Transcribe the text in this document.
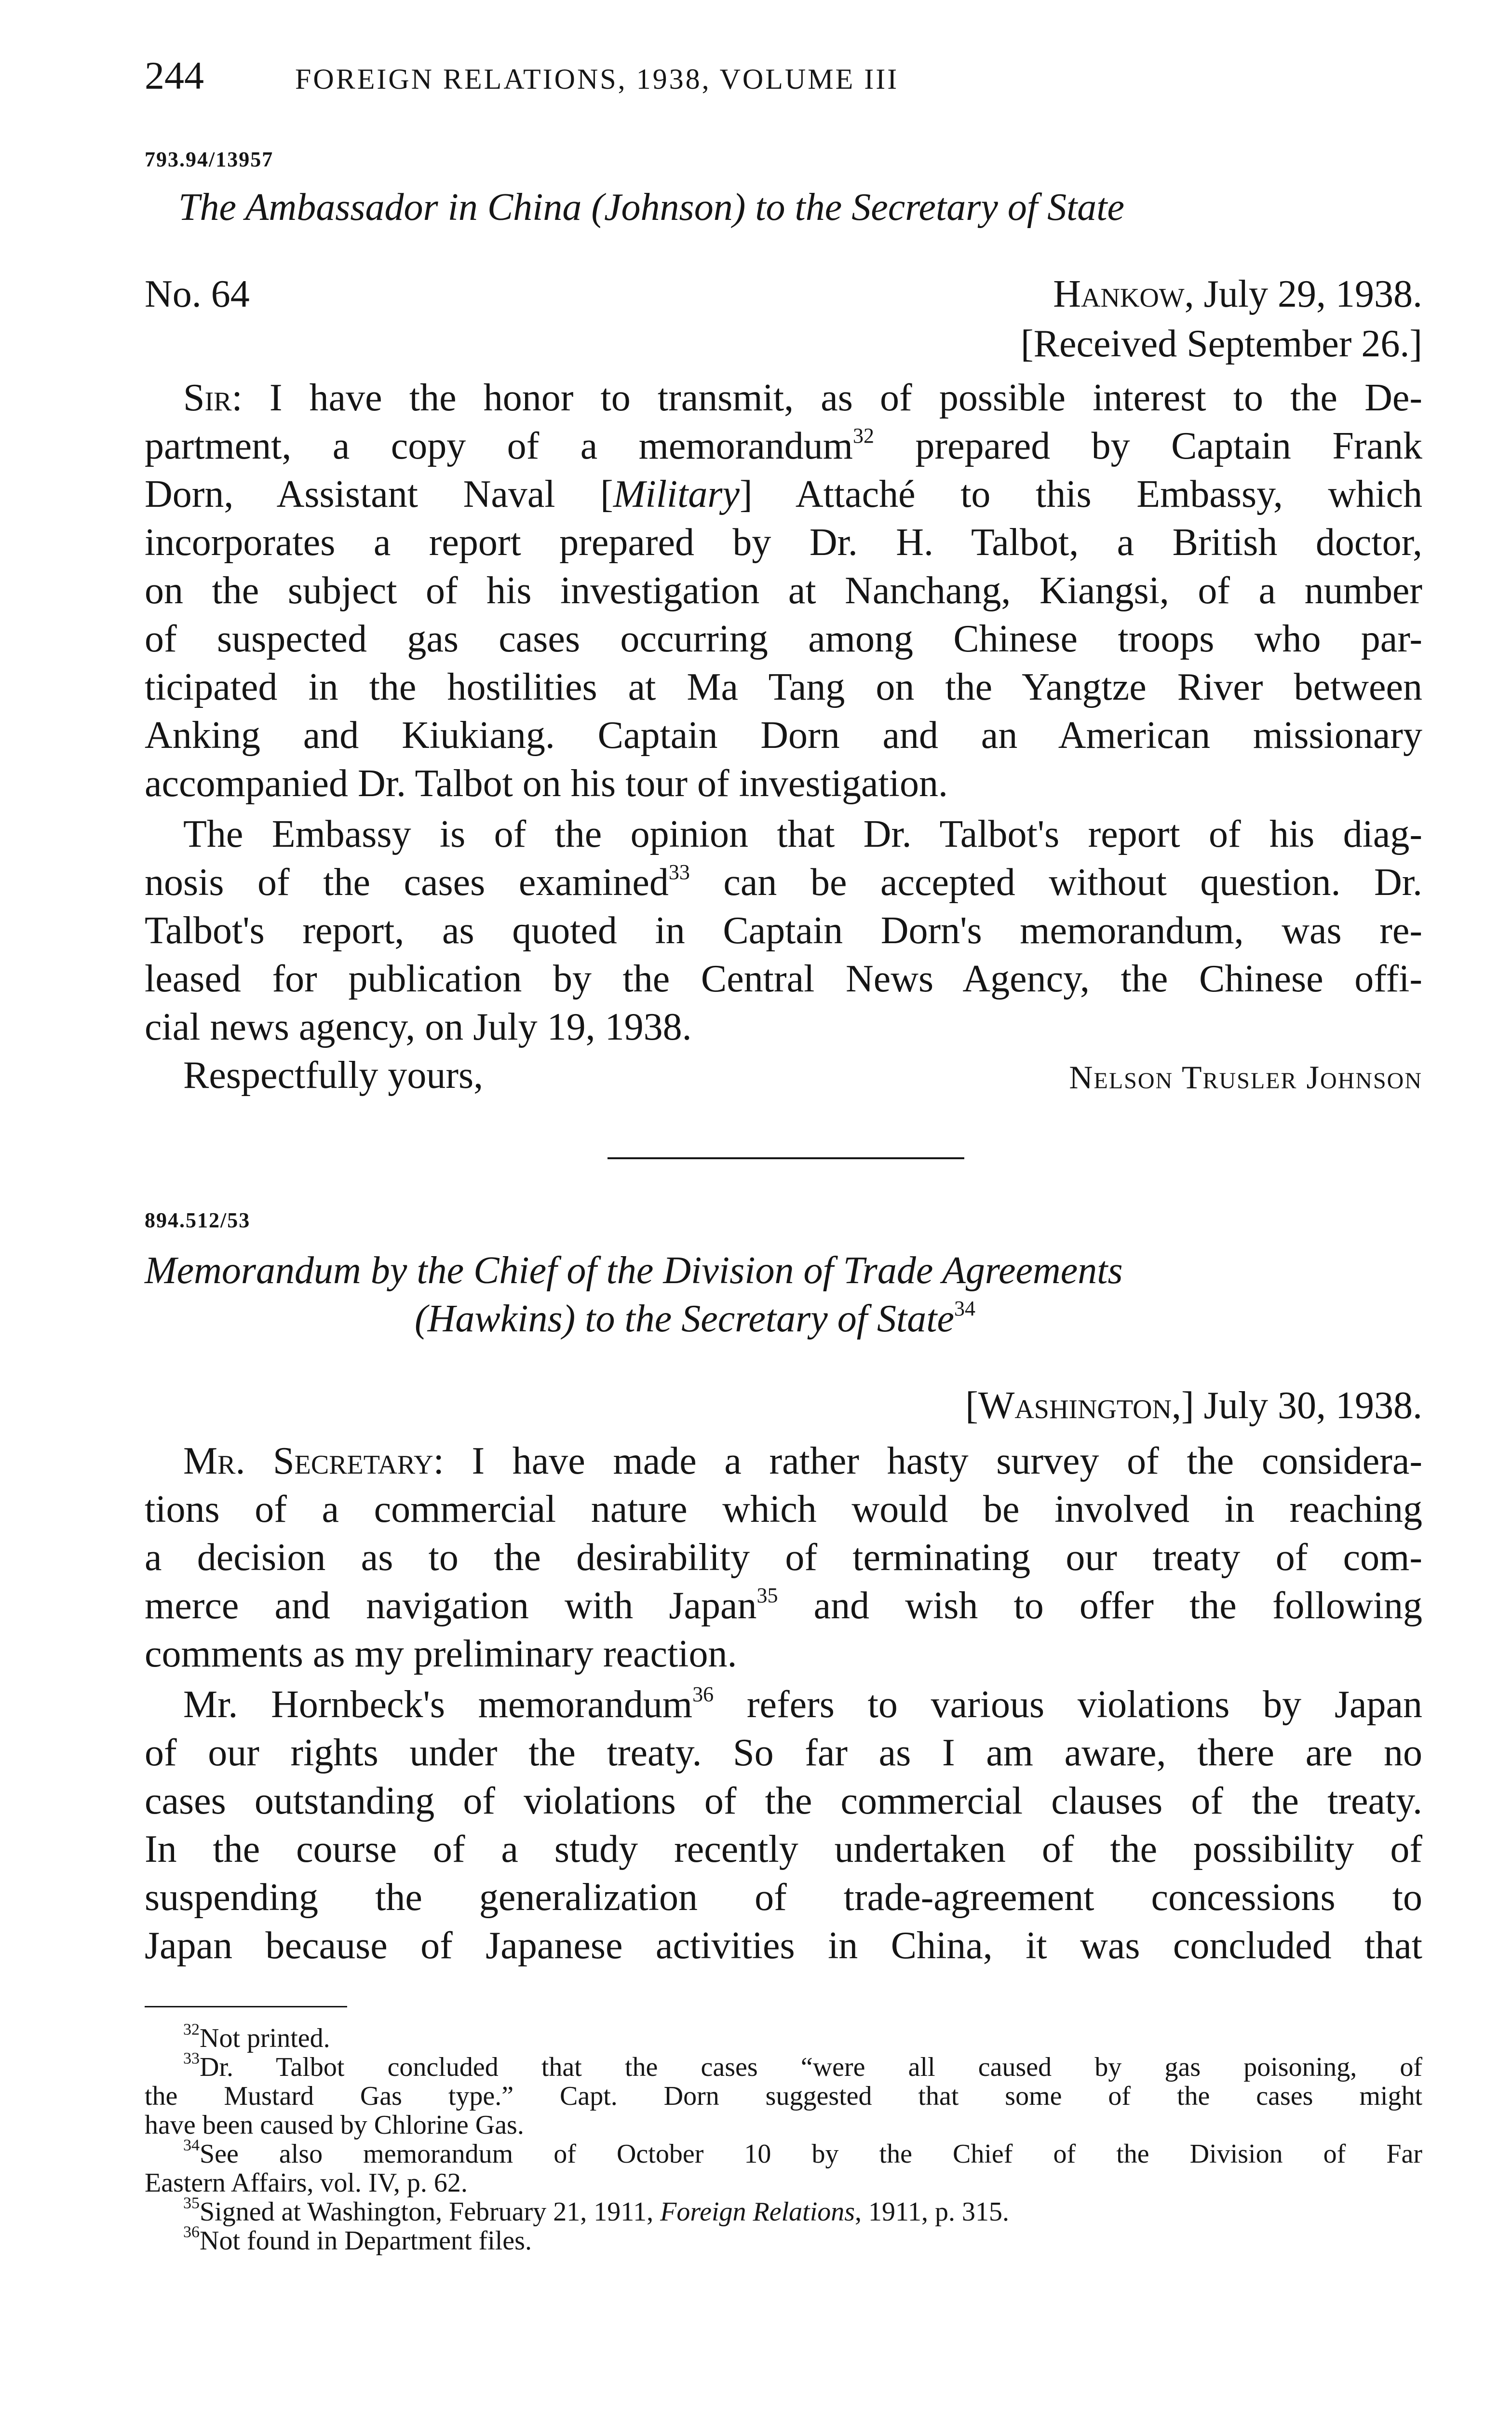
244	FOREIGN RELATIONS, 1938, VOLUME III
793.94/13957
The Ambassador in China (Johnson) to the Secretary of State
No. 64	Hankow, July 29, 1938.
[Received September 26.]
Sir: I have the honor to transmit, as of possible interest to the De-
partment, a copy of a memorandum$^{32}$ prepared by Captain Frank
Dorn, Assistant Naval [Military] Attaché to this Embassy, which
incorporates a report prepared by Dr. H. Talbot, a British doctor,
on the subject of his investigation at Nanchang, Kiangsi, of a number
of suspected gas cases occurring among Chinese troops who par-
ticipated in the hostilities at Ma Tang on the Yangtze River between
Anking and Kiukiang. Captain Dorn and an American missionary
accompanied Dr. Talbot on his tour of investigation.
The Embassy is of the opinion that Dr. Talbot's report of his diag-
nosis of the cases examined$^{33}$ can be accepted without question. Dr.
Talbot's report, as quoted in Captain Dorn's memorandum, was re-
leased for publication by the Central News Agency, the Chinese offi-
cial news agency, on July 19, 1938.
Respectfully yours,	Nelson Trusler Johnson
894.512/53
Memorandum by the Chief of the Division of Trade Agreements
(Hawkins) to the Secretary of State$^{34}$
[Washington,] July 30, 1938.
Mr. Secretary: I have made a rather hasty survey of the considera-
tions of a commercial nature which would be involved in reaching
a decision as to the desirability of terminating our treaty of com-
merce and navigation with Japan$^{35}$ and wish to offer the following
comments as my preliminary reaction.
Mr. Hornbeck's memorandum$^{36}$ refers to various violations by Japan
of our rights under the treaty. So far as I am aware, there are no
cases outstanding of violations of the commercial clauses of the treaty.
In the course of a study recently undertaken of the possibility of
suspending the generalization of trade-agreement concessions to
Japan because of Japanese activities in China, it was concluded that
$^{32}$Not printed.
$^{33}$Dr. Talbot concluded that the cases “were all caused by gas poisoning, of
the Mustard Gas type.” Capt. Dorn suggested that some of the cases might
have been caused by Chlorine Gas.
$^{34}$See also memorandum of October 10 by the Chief of the Division of Far
Eastern Affairs, vol. IV, p. 62.
$^{35}$Signed at Washington, February 21, 1911, Foreign Relations, 1911, p. 315.
$^{36}$Not found in Department files.
